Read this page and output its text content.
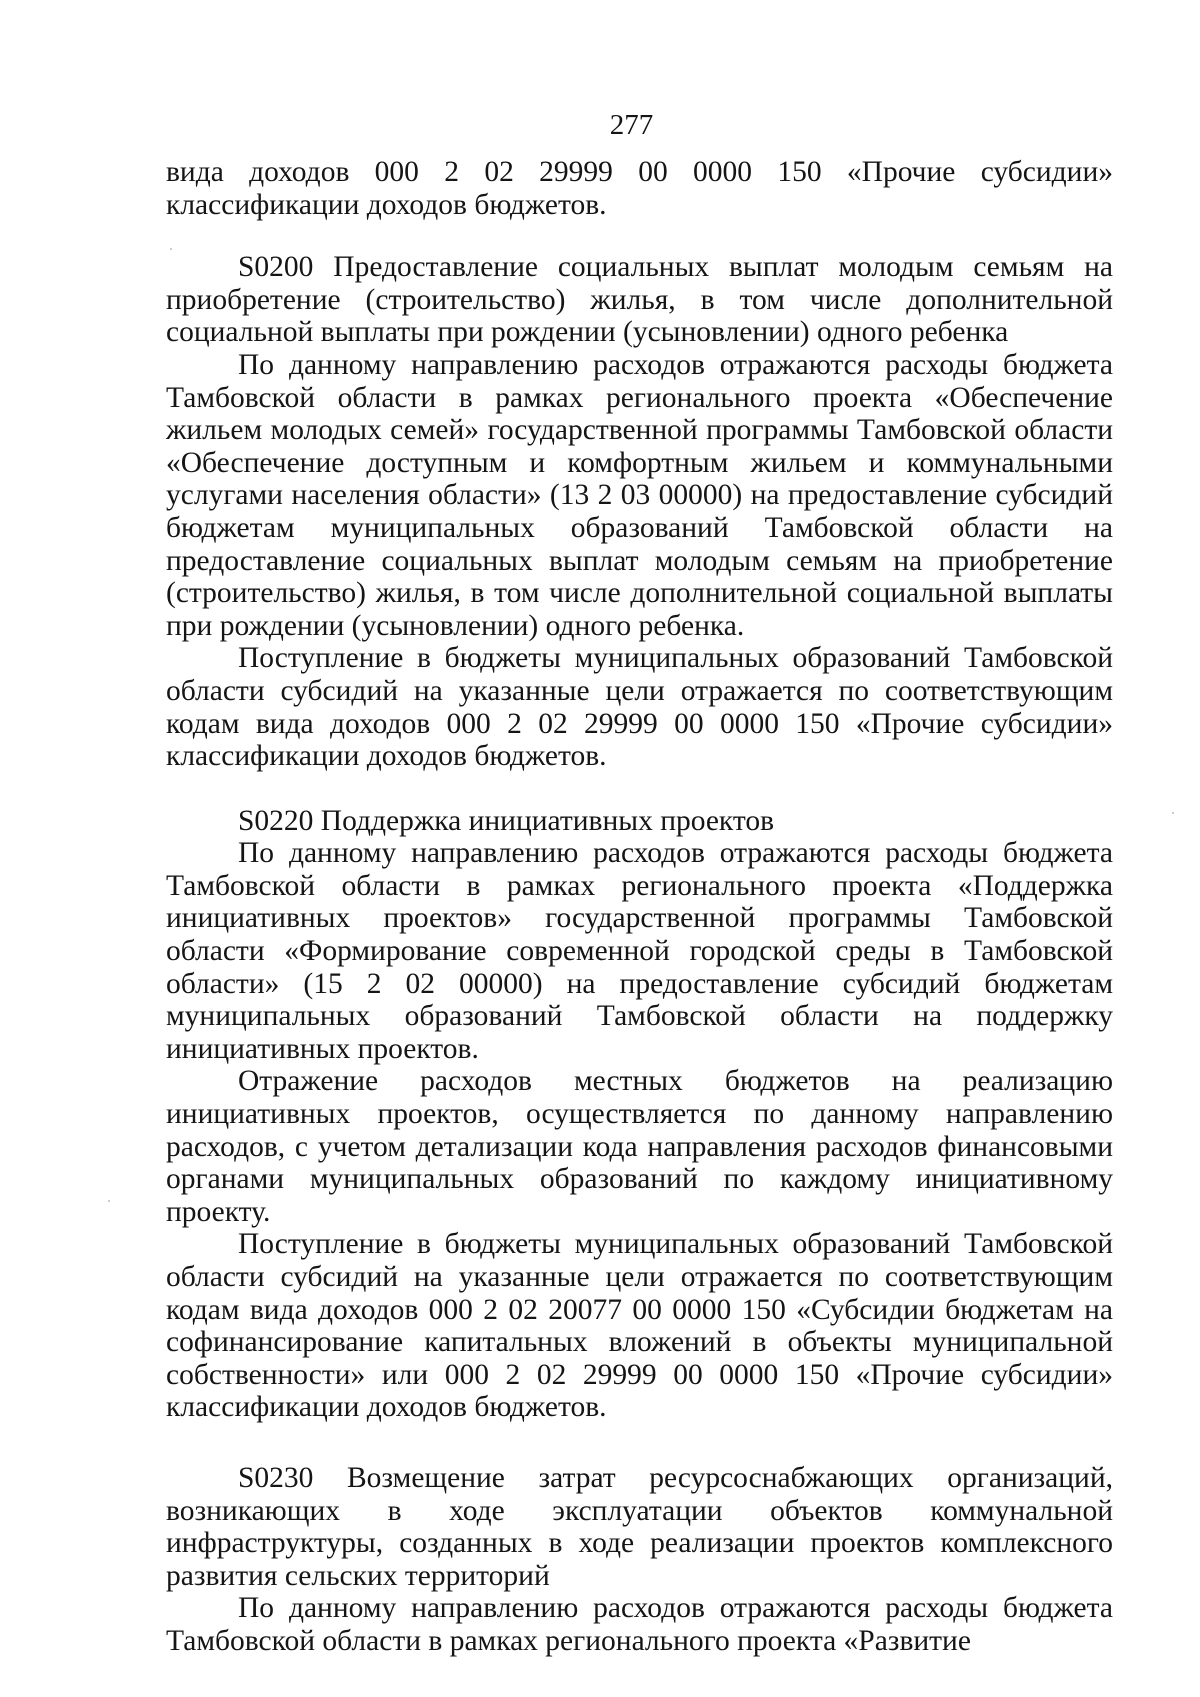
277

вида доходов 000 2 02 29999 00 0000 150 «Прочие субсидии» классификации доходов бюджетов.

S0200 Предоставление социальных выплат молодым семьям на приобретение (строительство) жилья, в том числе дополнительной социальной выплаты при рождении (усыновлении) одного ребенка

По данному направлению расходов отражаются расходы бюджета Тамбовской области в рамках регионального проекта «Обеспечение жильем молодых семей» государственной программы Тамбовской области «Обеспечение доступным и комфортным жильем и коммунальными услугами населения области» (13 2 03 00000) на предоставление субсидий бюджетам муниципальных образований Тамбовской области на предоставление социальных выплат молодым семьям на приобретение (строительство) жилья, в том числе дополнительной социальной выплаты при рождении (усыновлении) одного ребенка.

Поступление в бюджеты муниципальных образований Тамбовской области субсидий на указанные цели отражается по соответствующим кодам вида доходов 000 2 02 29999 00 0000 150 «Прочие субсидии» классификации доходов бюджетов.

S0220 Поддержка инициативных проектов

По данному направлению расходов отражаются расходы бюджета Тамбовской области в рамках регионального проекта «Поддержка инициативных проектов» государственной программы Тамбовской области «Формирование современной городской среды в Тамбовской области» (15 2 02 00000) на предоставление субсидий бюджетам муниципальных образований Тамбовской области на поддержку инициативных проектов.

Отражение расходов местных бюджетов на реализацию инициативных проектов, осуществляется по данному направлению расходов, с учетом детализации кода направления расходов финансовыми органами муниципальных образований по каждому инициативному проекту.

Поступление в бюджеты муниципальных образований Тамбовской области субсидий на указанные цели отражается по соответствующим кодам вида доходов 000 2 02 20077 00 0000 150 «Субсидии бюджетам на софинансирование капитальных вложений в объекты муниципальной собственности» или 000 2 02 29999 00 0000 150 «Прочие субсидии» классификации доходов бюджетов.

S0230 Возмещение затрат ресурсоснабжающих организаций, возникающих в ходе эксплуатации объектов коммунальной инфраструктуры, созданных в ходе реализации проектов комплексного развития сельских территорий

По данному направлению расходов отражаются расходы бюджета Тамбовской области в рамках регионального проекта «Развитие
